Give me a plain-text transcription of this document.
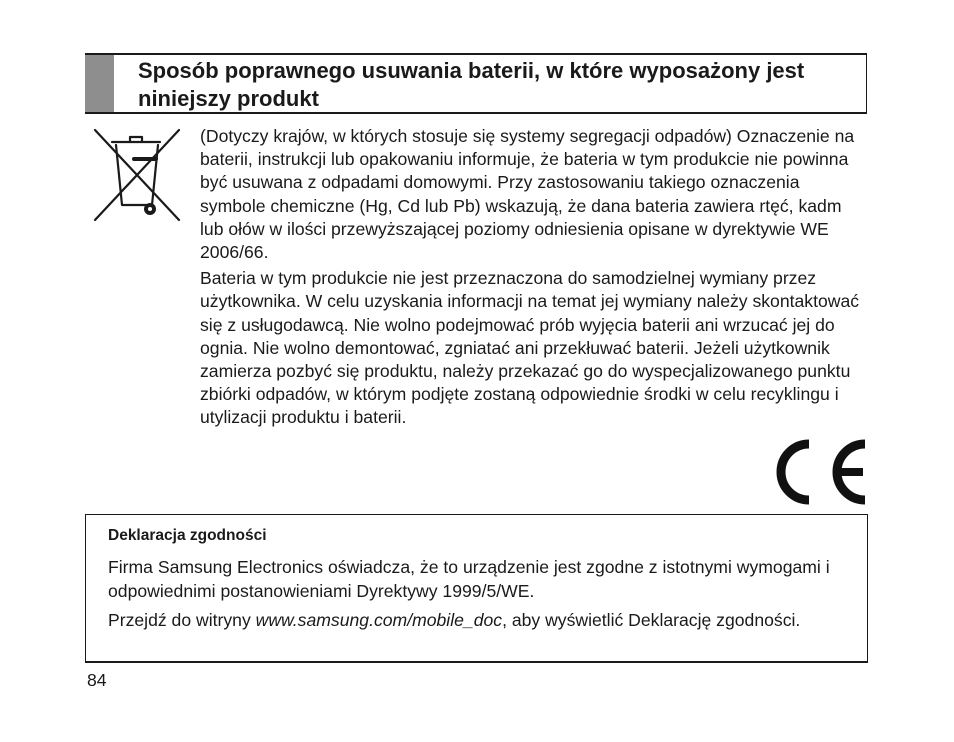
Sposób poprawnego usuwania baterii, w które wyposażony jest niniejszy produkt

(Dotyczy krajów, w których stosuje się systemy segregacji odpadów) Oznaczenie na baterii, instrukcji lub opakowaniu informuje, że bateria w tym produkcie nie powinna być usuwana z odpadami domowymi. Przy zastosowaniu takiego oznaczenia symbole chemiczne (Hg, Cd lub Pb) wskazują, że dana bateria zawiera rtęć, kadm lub ołów w ilości przewyższającej poziomy odniesienia opisane w dyrektywie WE 2006/66.

Bateria w tym produkcie nie jest przeznaczona do samodzielnej wymiany przez użytkownika. W celu uzyskania informacji na temat jej wymiany należy skontaktować się z usługodawcą. Nie wolno podejmować prób wyjęcia baterii ani wrzucać jej do ognia. Nie wolno demontować, zgniatać ani przekłuwać baterii. Jeżeli użytkownik zamierza pozbyć się produktu, należy przekazać go do wyspecjalizowanego punktu zbiórki odpadów, w którym podjęte zostaną odpowiednie środki w celu recyklingu i utylizacji produktu i baterii.

Deklaracja zgodności

Firma Samsung Electronics oświadcza, że to urządzenie jest zgodne z istotnymi wymogami i odpowiednimi postanowieniami Dyrektywy 1999/5/WE.

Przejdź do witryny www.samsung.com/mobile_doc, aby wyświetlić Deklarację zgodności.

84
